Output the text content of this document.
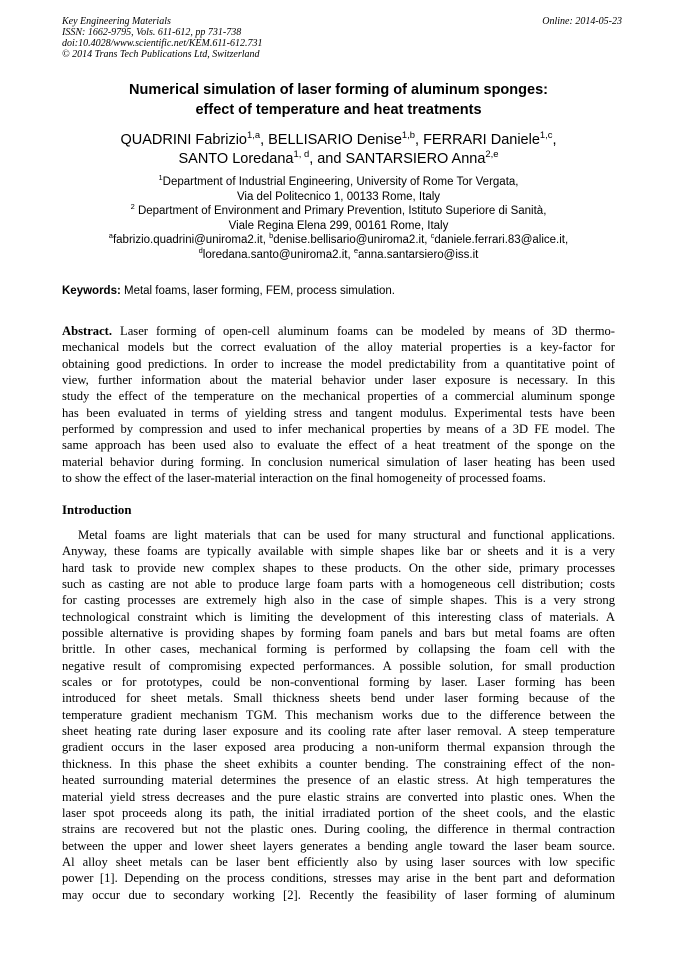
Key Engineering Materials
ISSN: 1662-9795, Vols. 611-612, pp 731-738
doi:10.4028/www.scientific.net/KEM.611-612.731
© 2014 Trans Tech Publications Ltd, Switzerland
Online: 2014-05-23
Numerical simulation of laser forming of aluminum sponges:
effect of temperature and heat treatments
QUADRINI Fabrizio$^{1,a}$, BELLISARIO Denise$^{1,b}$, FERRARI Daniele$^{1,c}$,
SANTO Loredana$^{1, d}$, and SANTARSIERO Anna$^{2,e}$
$^1$Department of Industrial Engineering, University of Rome Tor Vergata,
Via del Politecnico 1, 00133 Rome, Italy
$^2$ Department of Environment and Primary Prevention, Istituto Superiore di Sanità,
Viale Regina Elena 299, 00161 Rome, Italy
$^a$fabrizio.quadrini@uniroma2.it, $^b$denise.bellisario@uniroma2.it, $^c$daniele.ferrari.83@alice.it,
$^d$loredana.santo@uniroma2.it, $^e$anna.santarsiero@iss.it
Keywords: Metal foams, laser forming, FEM, process simulation.
Abstract. Laser forming of open-cell aluminum foams can be modeled by means of 3D thermo-
mechanical models but the correct evaluation of the alloy material properties is a key-factor for
obtaining good predictions. In order to increase the model predictability from a quantitative point of
view, further information about the material behavior under laser exposure is necessary. In this
study the effect of the temperature on the mechanical properties of a commercial aluminum sponge
has been evaluated in terms of yielding stress and tangent modulus. Experimental tests have been
performed by compression and used to infer mechanical properties by means of a 3D FE model. The
same approach has been used also to evaluate the effect of a heat treatment of the sponge on the
material behavior during forming. In conclusion numerical simulation of laser heating has been used
to show the effect of the laser-material interaction on the final homogeneity of processed foams.
Introduction
Metal foams are light materials that can be used for many structural and functional applications.
Anyway, these foams are typically available with simple shapes like bar or sheets and it is a very
hard task to provide new complex shapes to these products. On the other side, primary processes
such as casting are not able to produce large foam parts with a homogeneous cell distribution; costs
for casting processes are extremely high also in the case of simple shapes. This is a very strong
technological constraint which is limiting the development of this interesting class of materials. A
possible alternative is providing shapes by forming foam panels and bars but metal foams are often
brittle. In other cases, mechanical forming is performed by collapsing the foam cell with the
negative result of compromising expected performances. A possible solution, for small production
scales or for prototypes, could be non-conventional forming by laser. Laser forming has been
introduced for sheet metals. Small thickness sheets bend under laser forming because of the
temperature gradient mechanism TGM. This mechanism works due to the difference between the
sheet heating rate during laser exposure and its cooling rate after laser removal. A steep temperature
gradient occurs in the laser exposed area producing a non-uniform thermal expansion through the
thickness. In this phase the sheet exhibits a counter bending. The constraining effect of the non-
heated surrounding material determines the presence of an elastic stress. At high temperatures the
material yield stress decreases and the pure elastic strains are converted into plastic ones. When the
laser spot proceeds along its path, the initial irradiated portion of the sheet cools, and the elastic
strains are recovered but not the plastic ones. During cooling, the difference in thermal contraction
between the upper and lower sheet layers generates a bending angle toward the laser beam source.
Al alloy sheet metals can be laser bent efficiently also by using laser sources with low specific
power [1]. Depending on the process conditions, stresses may arise in the bent part and deformation
may occur due to secondary working [2]. Recently the feasibility of laser forming of aluminum
